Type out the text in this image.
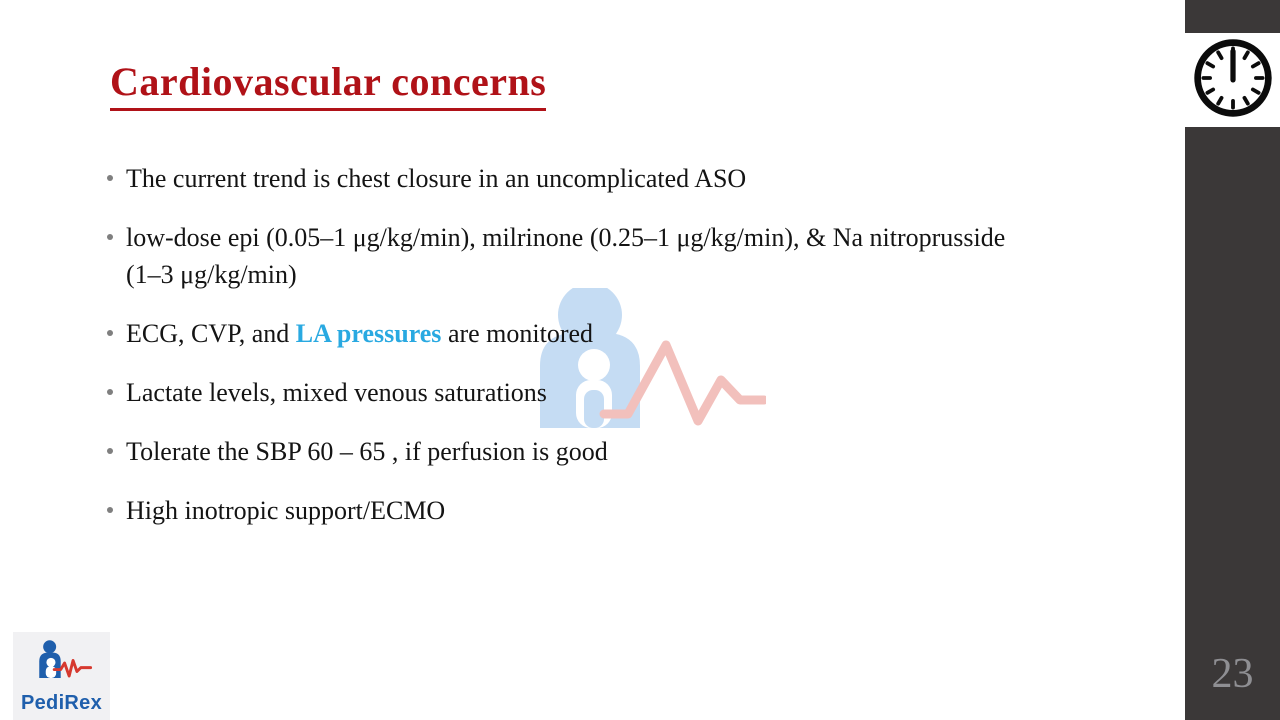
Cardiovascular concerns
The current trend is chest closure in an uncomplicated ASO
low-dose epi (0.05–1 μg/kg/min), milrinone (0.25–1 μg/kg/min), & Na nitroprusside (1–3 μg/kg/min)
ECG, CVP, and LA pressures are monitored
Lactate levels, mixed venous saturations
Tolerate the SBP 60 – 65 , if perfusion is good
High inotropic support/ECMO
PediRex
23
